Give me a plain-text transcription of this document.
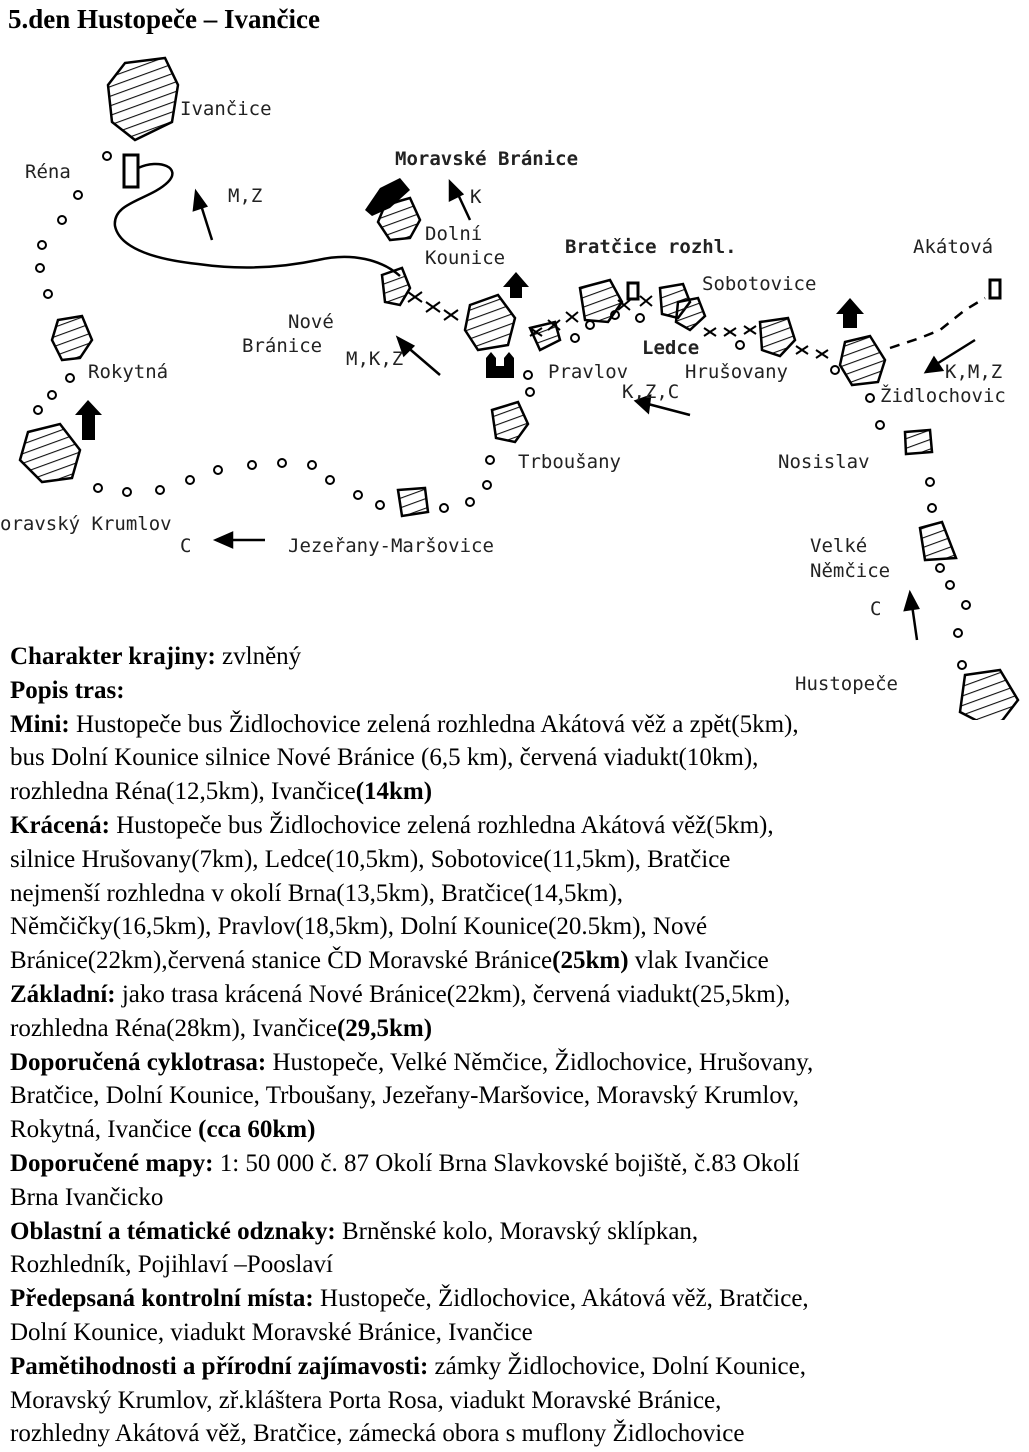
5.den Hustopeče – Ivančice
Ivančice
Réna
Moravské Bránice
M,Z	K
Dolní
Kounice	Bratčice rozhl.	Akátová
Sobotovice
Nové
Bránice
M,K,Z	Ledce
Pravlov	Hrušovany	K,M,Z
Rokytná
Židlochovic
K,Z,C
Trboušany	Nosislav
oravský Krumlov
C	Jezeřany-Maršovice	Velké
Němčice
C
Hustopeče

Charakter krajiny: zvlněný

Popis tras:

Mini: Hustopeče bus Židlochovice zelená rozhledna Akátová věž a zpět(5km),

bus Dolní Kounice silnice Nové Bránice (6,5 km), červená viadukt(10km),

rozhledna Réna(12,5km), Ivančice(14km)

Krácená: Hustopeče bus Židlochovice zelená rozhledna Akátová věž(5km),

silnice Hrušovany(7km), Ledce(10,5km), Sobotovice(11,5km), Bratčice

nejmenší rozhledna v okolí Brna(13,5km), Bratčice(14,5km),

Němčičky(16,5km), Pravlov(18,5km), Dolní Kounice(20.5km), Nové

Bránice(22km),červená stanice ČD Moravské Bránice(25km) vlak Ivančice

Základní: jako trasa krácená Nové Bránice(22km), červená viadukt(25,5km),

rozhledna Réna(28km), Ivančice(29,5km)

Doporučená cyklotrasa: Hustopeče, Velké Němčice, Židlochovice, Hrušovany,

Bratčice, Dolní Kounice, Trboušany, Jezeřany-Maršovice, Moravský Krumlov,

Rokytná, Ivančice (cca 60km)

Doporučené mapy: 1: 50 000 č. 87 Okolí Brna Slavkovské bojiště, č.83 Okolí

Brna Ivančicko

Oblastní a tématické odznaky: Brněnské kolo, Moravský sklípkan,

Rozhledník, Pojihlaví –Pooslaví

Předepsaná kontrolní místa: Hustopeče, Židlochovice, Akátová věž, Bratčice,

Dolní Kounice, viadukt Moravské Bránice, Ivančice

Pamětihodnosti a přírodní zajímavosti: zámky Židlochovice, Dolní Kounice,

Moravský Krumlov, zř.kláštera Porta Rosa, viadukt Moravské Bránice,

rozhledny Akátová věž, Bratčice, zámecká obora s muflony Židlochovice
